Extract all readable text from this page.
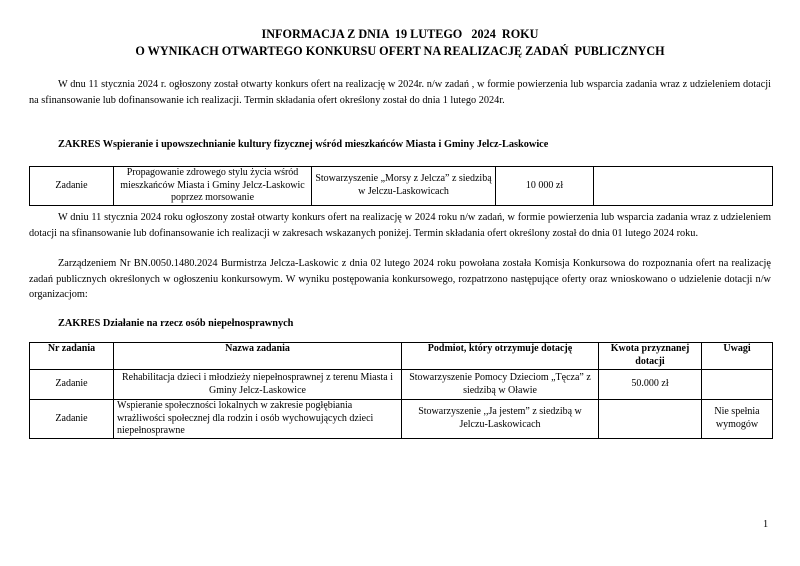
INFORMACJA Z DNIA  19 LUTEGO   2024  ROKU
O WYNIKACH OTWARTEGO KONKURSU OFERT NA REALIZACJĘ ZADAŃ  PUBLICZNYCH
W dnu 11 stycznia 2024 r. ogłoszony został otwarty konkurs ofert na realizację w 2024r. n/w zadań , w formie powierzenia lub wsparcia zadania wraz z udzieleniem dotacji na sfinansowanie lub dofinansowanie ich realizacji. Termin składania ofert określony został do dnia 1 lutego 2024r.
ZAKRES Wspieranie i upowszechnianie kultury fizycznej wśród mieszkańców Miasta i Gminy Jelcz-Laskowice
Zadanie	Propagowanie zdrowego stylu życia wśród mieszkańców Miasta i Gminy Jelcz-Laskowic poprzez morsowanie	Stowarzyszenie „Morsy z Jelcza” z siedzibą w Jelczu-Laskowicach	10 000 zł	
W dniu 11 stycznia 2024 roku ogłoszony został otwarty konkurs ofert na realizację w 2024 roku n/w zadań, w formie powierzenia lub wsparcia zadania wraz z udzieleniem dotacji na sfinansowanie lub dofinansowanie ich realizacji w zakresach wskazanych poniżej. Termin składania ofert określony został do dnia 01 lutego 2024 roku.
Zarządzeniem Nr BN.0050.1480.2024 Burmistrza Jelcza-Laskowic z dnia 02 lutego 2024 roku powołana została Komisja Konkursowa do rozpoznania ofert na realizację zadań publicznych określonych w ogłoszeniu konkursowym. W wyniku postępowania konkursowego, rozpatrzono następujące oferty oraz wnioskowano o udzielenie dotacji n/w organizacjom:
ZAKRES Działanie na rzecz osób niepełnosprawnych
Nr zadania	Nazwa zadania	Podmiot, który otrzymuje dotację	Kwota przyznanej dotacji	Uwagi
Zadanie	Rehabilitacja dzieci i młodzieży niepełnosprawnej z terenu Miasta i Gminy Jelcz-Laskowice	Stowarzyszenie Pomocy Dzieciom „Tęcza” z siedzibą w Oławie	50.000 zł	
Zadanie	Wspieranie społeczności lokalnych w zakresie pogłębiania wrażliwości społecznej dla rodzin i osób wychowujących dzieci niepełnosprawne	Stowarzyszenie ,,Ja jestem” z siedzibą w Jelczu-Laskowicach		Nie spełnia wymogów
1
